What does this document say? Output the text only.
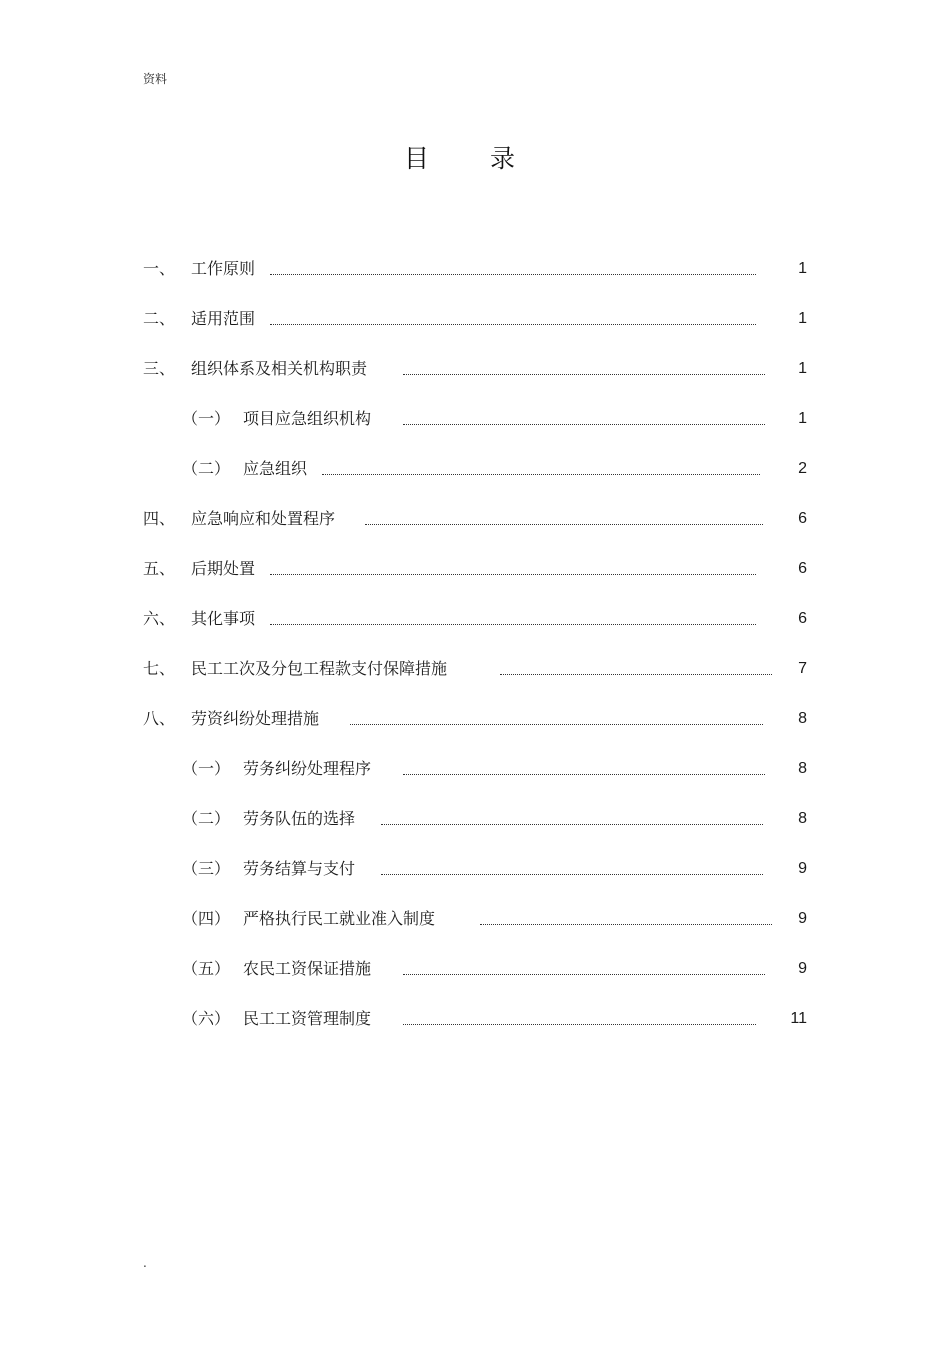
资料
目 录
一、 工作原则	1
二、 适用范围	1
三、 组织体系及相关机构职责	1
（一） 项目应急组织机构	1
（二） 应急组织	2
四、 应急响应和处置程序	6
五、 后期处置	6
六、 其化事项	6
七、 民工工次及分包工程款支付保障措施	7
八、 劳资纠纷处理措施	8
（一） 劳务纠纷处理程序	8
（二） 劳务队伍的选择	8
（三） 劳务结算与支付	9
（四） 严格执行民工就业准入制度	9
（五） 农民工资保证措施	9
（六） 民工工资管理制度	11
.
